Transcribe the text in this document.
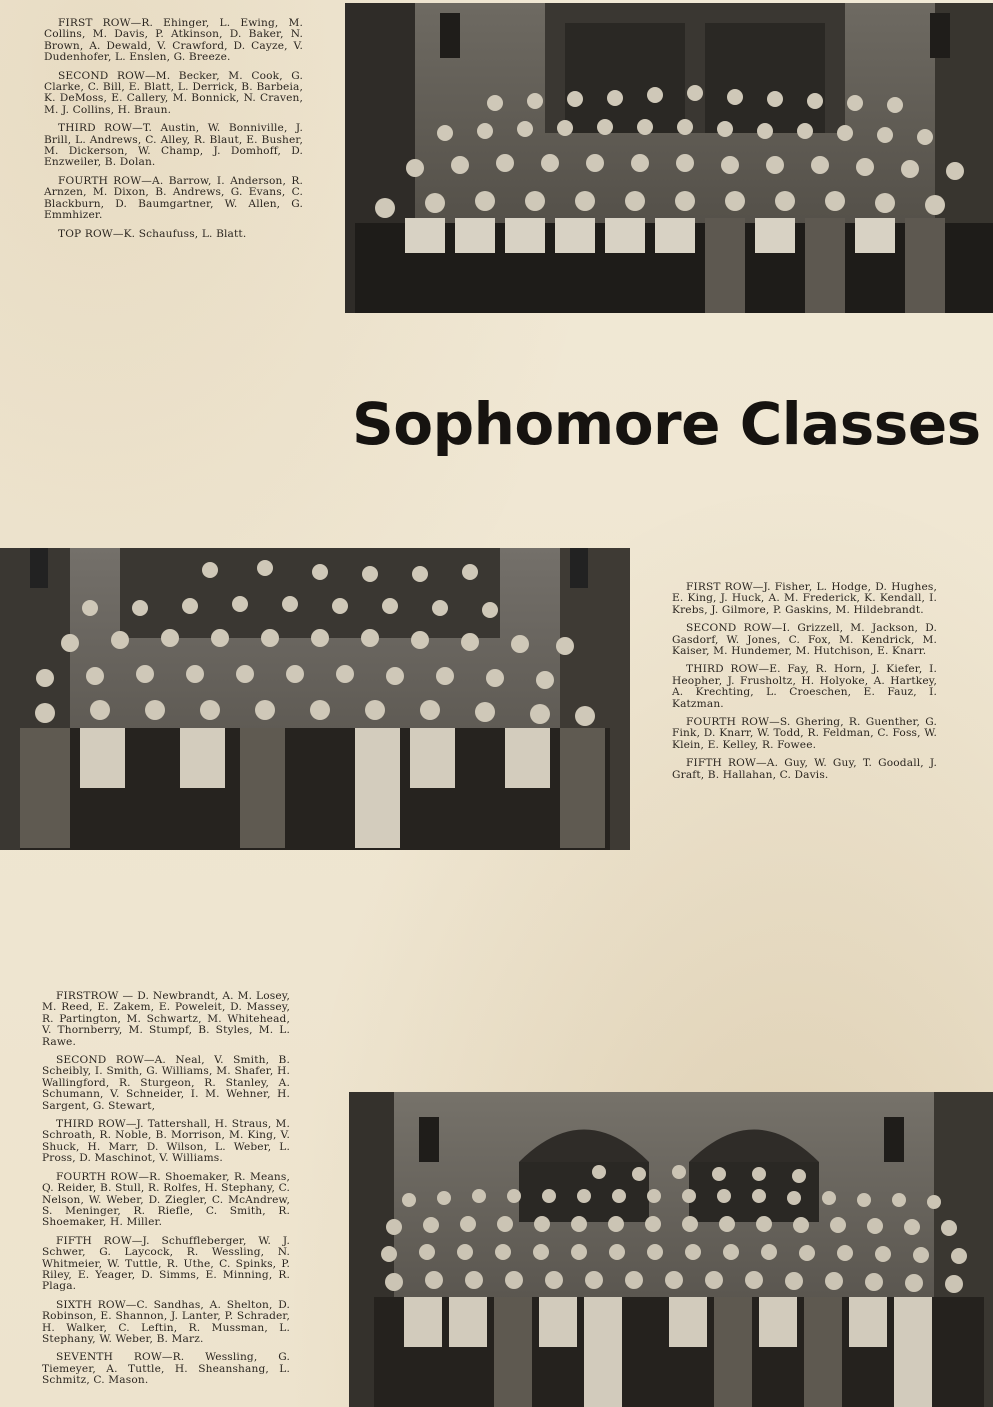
FIRST ROW—R. Ehinger, L. Ewing, M. Collins, M. Davis, P. Atkinson, D. Baker, N. Brown, A. Dewald, V. Crawford, D. Cayze, V. Dudenhofer, L. Enslen, G. Breeze.

SECOND ROW—M. Becker, M. Cook, G. Clarke, C. Bill, E. Blatt, L. Derrick, B. Barbeia, K. DeMoss, E. Callery, M. Bonnick, N. Craven, M. J. Collins, H. Braun.

THIRD ROW—T. Austin, W. Bonniville, J. Brill, L. Andrews, C. Alley, R. Blaut, E. Busher, M. Dickerson, W. Champ, J. Domhoff, D. Enzweiler, B. Dolan.

FOURTH ROW—A. Barrow, I. Anderson, R. Arnzen, M. Dixon, B. Andrews, G. Evans, C. Blackburn, D. Baumgartner, W. Allen, G. Emmhizer.

TOP ROW—K. Schaufuss, L. Blatt.

Sophomore Classes

FIRST ROW—J. Fisher, L. Hodge, D. Hughes, E. King, J. Huck, A. M. Frederick, K. Kendall, I. Krebs, J. Gilmore, P. Gaskins, M. Hildebrandt.

SECOND ROW—I. Grizzell, M. Jackson, D. Gasdorf, W. Jones, C. Fox, M. Kendrick, M. Kaiser, M. Hundemer, M. Hutchison, E. Knarr.

THIRD ROW—E. Fay, R. Horn, J. Kiefer, I. Heopher, J. Frusholtz, H. Holyoke, A. Hartkey, A. Krechting, L. Croeschen, E. Fauz, I. Katzman.

FOURTH ROW—S. Ghering, R. Guenther, G. Fink, D. Knarr, W. Todd, R. Feldman, C. Foss, W. Klein, E. Kelley, R. Fowee.

FIFTH ROW—A. Guy, W. Guy, T. Goodall, J. Graft, B. Hallahan, C. Davis.

FIRSTROW — D. Newbrandt, A. M. Losey, M. Reed, E. Zakem, E. Poweleit, D. Massey, R. Partington, M. Schwartz, M. Whitehead, V. Thornberry, M. Stumpf, B. Styles, M. L. Rawe.

SECOND ROW—A. Neal, V. Smith, B. Scheibly, I. Smith, G. Williams, M. Shafer, H. Wallingford, R. Sturgeon, R. Stanley, A. Schumann, V. Schneider, I. M. Wehner, H. Sargent, G. Stewart,

THIRD ROW—J. Tattershall, H. Straus, M. Schroath, R. Noble, B. Morrison, M. King, V. Shuck, H. Marr, D. Wilson, L. Weber, L. Pross, D. Maschinot, V. Williams.

FOURTH ROW—R. Shoemaker, R. Means, Q. Reider, B. Stull, R. Rolfes, H. Stephany, C. Nelson, W. Weber, D. Ziegler, C. McAndrew, S. Meninger, R. Riefle, C. Smith, R. Shoemaker, H. Miller.

FIFTH ROW—J. Schuffleberger, W. J. Schwer, G. Laycock, R. Wessling, N. Whitmeier, W. Tuttle, R. Uthe, C. Spinks, P. Riley, E. Yeager, D. Simms, E. Minning, R. Plaga.

SIXTH ROW—C. Sandhas, A. Shelton, D. Robinson, E. Shannon, J. Lanter, P. Schrader, H. Walker, C. Leftin, R. Mussman, L. Stephany, W. Weber, B. Marz.

SEVENTH ROW—R. Wessling, G. Tiemeyer, A. Tuttle, H. Sheanshang, L. Schmitz, C. Mason.
